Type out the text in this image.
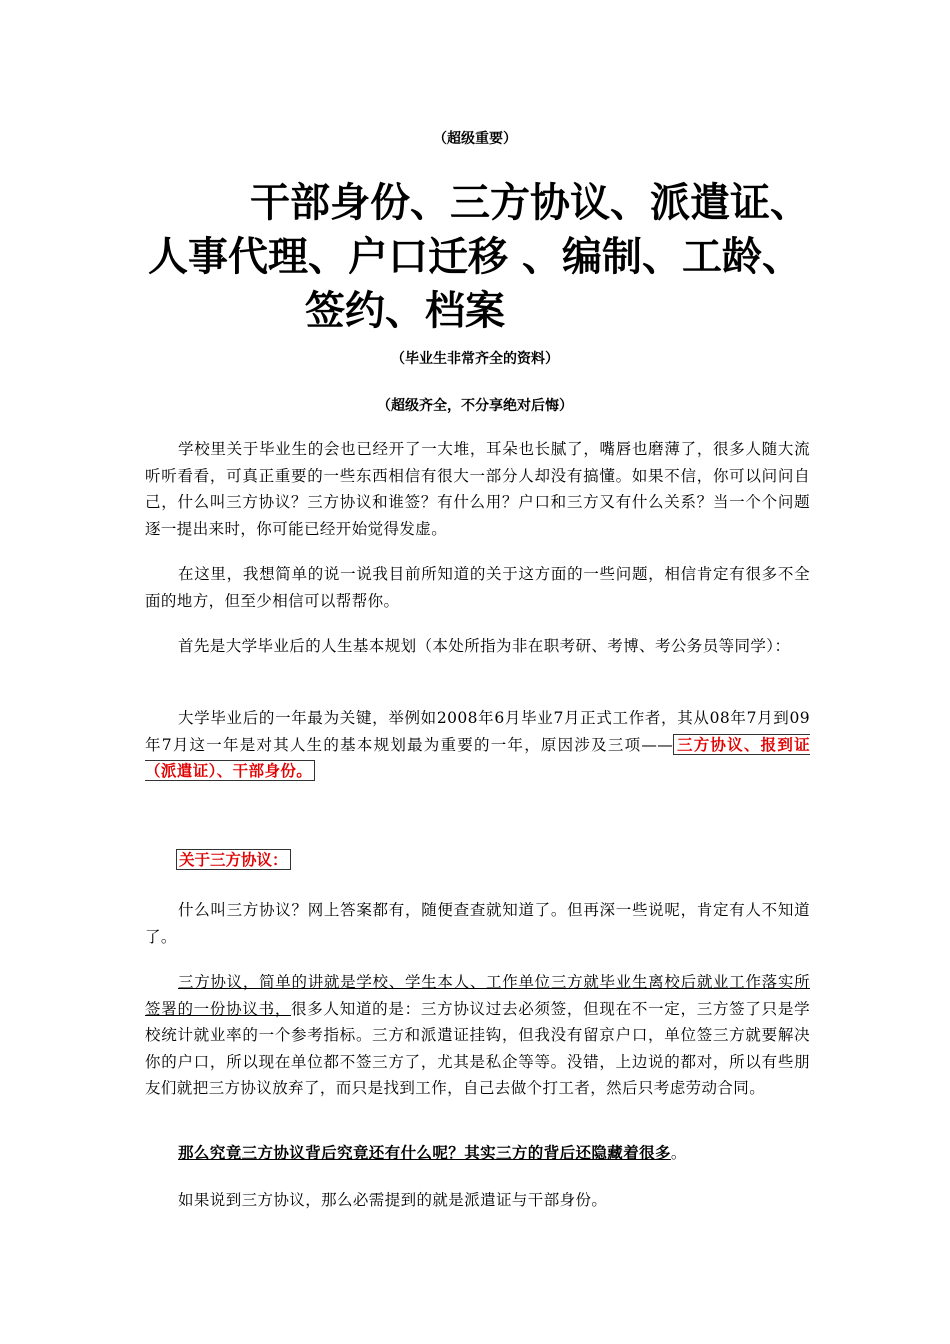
（超级重要）
干部身份、三方协议、派遣证、
人事代理、户口迁移 、编制、工龄、
签约、档案
（毕业生非常齐全的资料）
（超级齐全，不分享绝对后悔）

学校里关于毕业生的会也已经开了一大堆，耳朵也长腻了，嘴唇也磨薄了，很多人随大流听听看看，可真正重要的一些东西相信有很大一部分人却没有搞懂。如果不信，你可以问问自己，什么叫三方协议？三方协议和谁签？有什么用？户口和三方又有什么关系？当一个个问题逐一提出来时，你可能已经开始觉得发虚。

在这里，我想简单的说一说我目前所知道的关于这方面的一些问题，相信肯定有很多不全面的地方，但至少相信可以帮帮你。

首先是大学毕业后的人生基本规划（本处所指为非在职考研、考博、考公务员等同学）：

大学毕业后的一年最为关键，举例如2008年6月毕业7月正式工作者，其从08年7月到09年7月这一年是对其人生的基本规划最为重要的一年，原因涉及三项—— 三方协议、报到证（派遣证）、干部身份。

关于三方协议：

什么叫三方协议？网上答案都有，随便查查就知道了。但再深一些说呢，肯定有人不知道了。

三方协议，简单的讲就是学校、学生本人、工作单位三方就毕业生离校后就业工作落实所签署的一份协议书，很多人知道的是：三方协议过去必须签，但现在不一定，三方签了只是学校统计就业率的一个参考指标。三方和派遣证挂钩，但我没有留京户口，单位签三方就要解决你的户口，所以现在单位都不签三方了，尤其是私企等等。没错，上边说的都对，所以有些朋友们就把三方协议放弃了，而只是找到工作，自己去做个打工者，然后只考虑劳动合同。

那么究竟三方协议背后究竟还有什么呢？其实三方的背后还隐藏着很多。

如果说到三方协议，那么必需提到的就是派遣证与干部身份。
